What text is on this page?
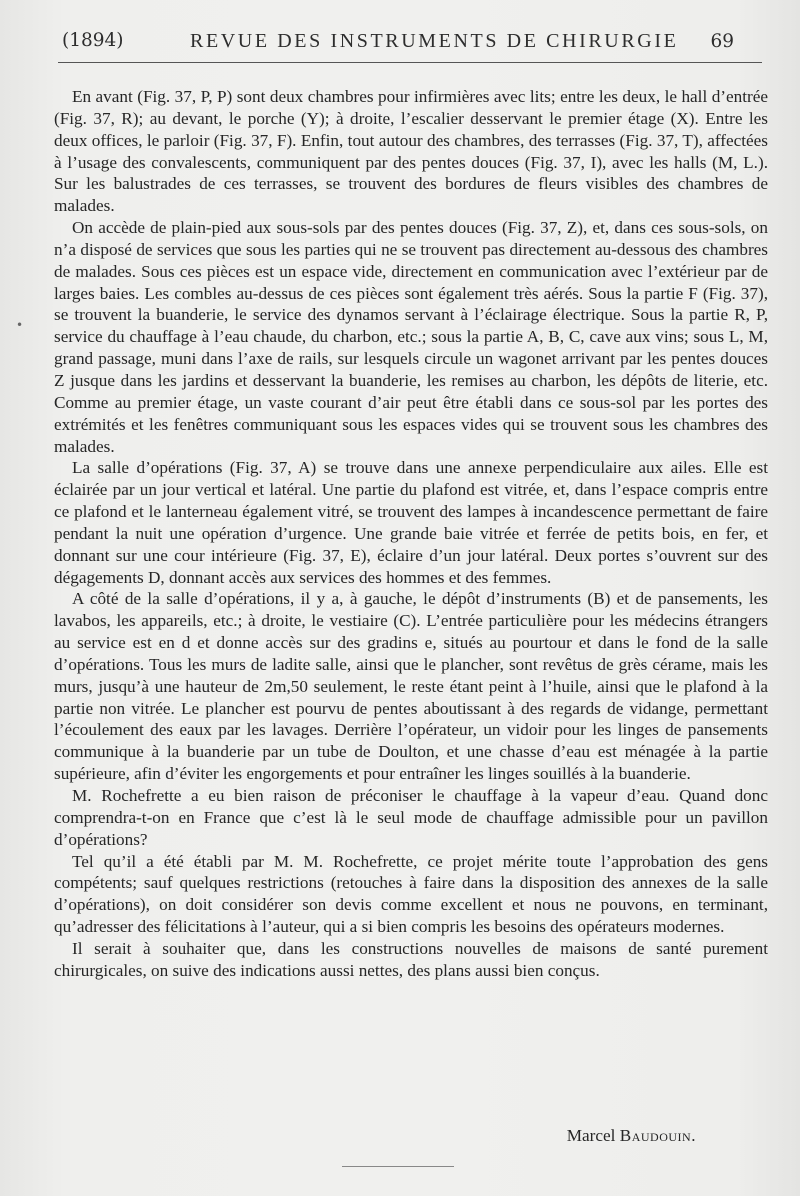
(1894)	REVUE DES INSTRUMENTS DE CHIRURGIE	69
•

En avant (Fig. 37, P, P) sont deux chambres pour infirmières avec lits; entre les deux, le hall d’entrée (Fig. 37, R); au devant, le porche (Y); à droite, l’escalier desservant le premier étage (X). Entre les deux offices, le parloir (Fig. 37, F). Enfin, tout autour des chambres, des terrasses (Fig. 37, T), affectées à l’usage des convalescents, communiquent par des pentes douces (Fig. 37, I), avec les halls (M, L.). Sur les balustrades de ces terrasses, se trouvent des bordures de fleurs visibles des chambres de malades.

On accède de plain-pied aux sous-sols par des pentes douces (Fig. 37, Z), et, dans ces sous-sols, on n’a disposé de services que sous les parties qui ne se trouvent pas directement au-dessous des chambres de malades. Sous ces pièces est un espace vide, directement en communication avec l’extérieur par de larges baies. Les combles au-dessus de ces pièces sont également très aérés. Sous la partie F (Fig. 37), se trouvent la buanderie, le service des dynamos servant à l’éclairage électrique. Sous la partie R, P, service du chauffage à l’eau chaude, du charbon, etc.; sous la partie A, B, C, cave aux vins; sous L, M, grand passage, muni dans l’axe de rails, sur lesquels circule un wagonet arrivant par les pentes douces Z jusque dans les jardins et desservant la buanderie, les remises au charbon, les dépôts de literie, etc. Comme au premier étage, un vaste courant d’air peut être établi dans ce sous-sol par les portes des extrémités et les fenêtres communiquant sous les espaces vides qui se trouvent sous les chambres des malades.

La salle d’opérations (Fig. 37, A) se trouve dans une annexe perpendiculaire aux ailes. Elle est éclairée par un jour vertical et latéral. Une partie du plafond est vitrée, et, dans l’espace compris entre ce plafond et le lanterneau également vitré, se trouvent des lampes à incandescence permettant de faire pendant la nuit une opération d’urgence. Une grande baie vitrée et ferrée de petits bois, en fer, et donnant sur une cour intérieure (Fig. 37, E), éclaire d’un jour latéral. Deux portes s’ouvrent sur des dégagements D, donnant accès aux services des hommes et des femmes.

A côté de la salle d’opérations, il y a, à gauche, le dépôt d’instruments (B) et de pansements, les lavabos, les appareils, etc.; à droite, le vestiaire (C). L’entrée particulière pour les médecins étrangers au service est en d et donne accès sur des gradins e, situés au pourtour et dans le fond de la salle d’opérations. Tous les murs de ladite salle, ainsi que le plancher, sont revêtus de grès cérame, mais les murs, jusqu’à une hauteur de 2m,50 seulement, le reste étant peint à l’huile, ainsi que le plafond à la partie non vitrée. Le plancher est pourvu de pentes aboutissant à des regards de vidange, permettant l’écoulement des eaux par les lavages. Derrière l’opérateur, un vidoir pour les linges de pansements communique à la buanderie par un tube de Doulton, et une chasse d’eau est ménagée à la partie supérieure, afin d’éviter les engorgements et pour entraîner les linges souillés à la buanderie.

M. Rochefrette a eu bien raison de préconiser le chauffage à la vapeur d’eau. Quand donc comprendra-t-on en France que c’est là le seul mode de chauffage admissible pour un pavillon d’opérations?

Tel qu’il a été établi par M. M. Rochefrette, ce projet mérite toute l’approbation des gens compétents; sauf quelques restrictions (retouches à faire dans la disposition des annexes de la salle d’opérations), on doit considérer son devis comme excellent et nous ne pouvons, en terminant, qu’adresser des félicitations à l’auteur, qui a si bien compris les besoins des opérateurs modernes.

Il serait à souhaiter que, dans les constructions nouvelles de maisons de santé purement chirurgicales, on suive des indications aussi nettes, des plans aussi bien conçus.

Marcel Baudouin.
